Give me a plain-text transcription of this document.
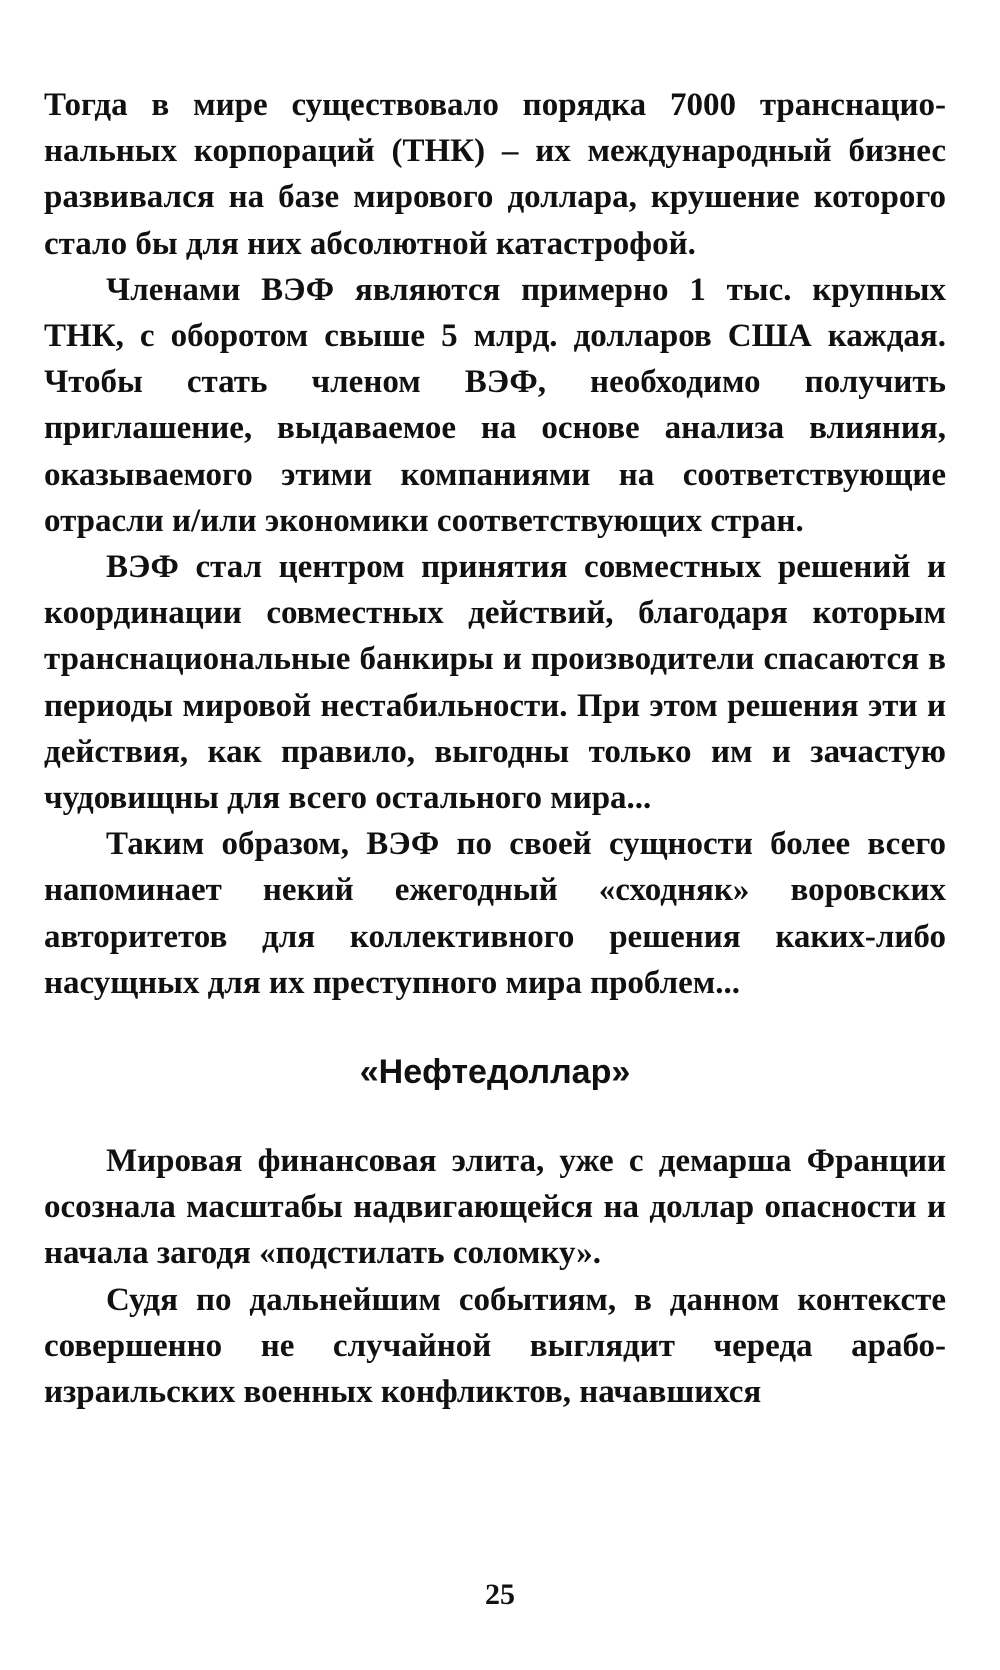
Тогда в мире существовало порядка 7000 транснациональных корпораций (ТНК) – их международный бизнес развивался на базе мирового доллара, крушение которого стало бы для них абсолютной катастрофой.

Членами ВЭФ являются примерно 1 тыс. крупных ТНК, с оборотом свыше 5 млрд. долларов США каждая. Чтобы стать членом ВЭФ, необходимо получить приглашение, выдаваемое на основе анализа влияния, оказываемого этими компаниями на соответствующие отрасли и/или экономики соответствующих стран.

ВЭФ стал центром принятия совместных решений и координации совместных действий, благодаря которым транснациональные банкиры и производители спасаются в периоды мировой нестабильности. При этом решения эти и действия, как правило, выгодны только им и зачастую чудовищны для всего остального мира...

Таким образом, ВЭФ по своей сущности более всего напоминает некий ежегодный «сходняк» воровских авторитетов для коллективного решения каких-либо насущных для их преступного мира проблем...

«Нефтедоллар»

Мировая финансовая элита, уже с демарша Франции осознала масштабы надвигающейся на доллар опасности и начала загодя «подстилать соломку».

Судя по дальнейшим событиям, в данном контексте совершенно не случайной выглядит череда арабо-израильских военных конфликтов, начавшихся

25
